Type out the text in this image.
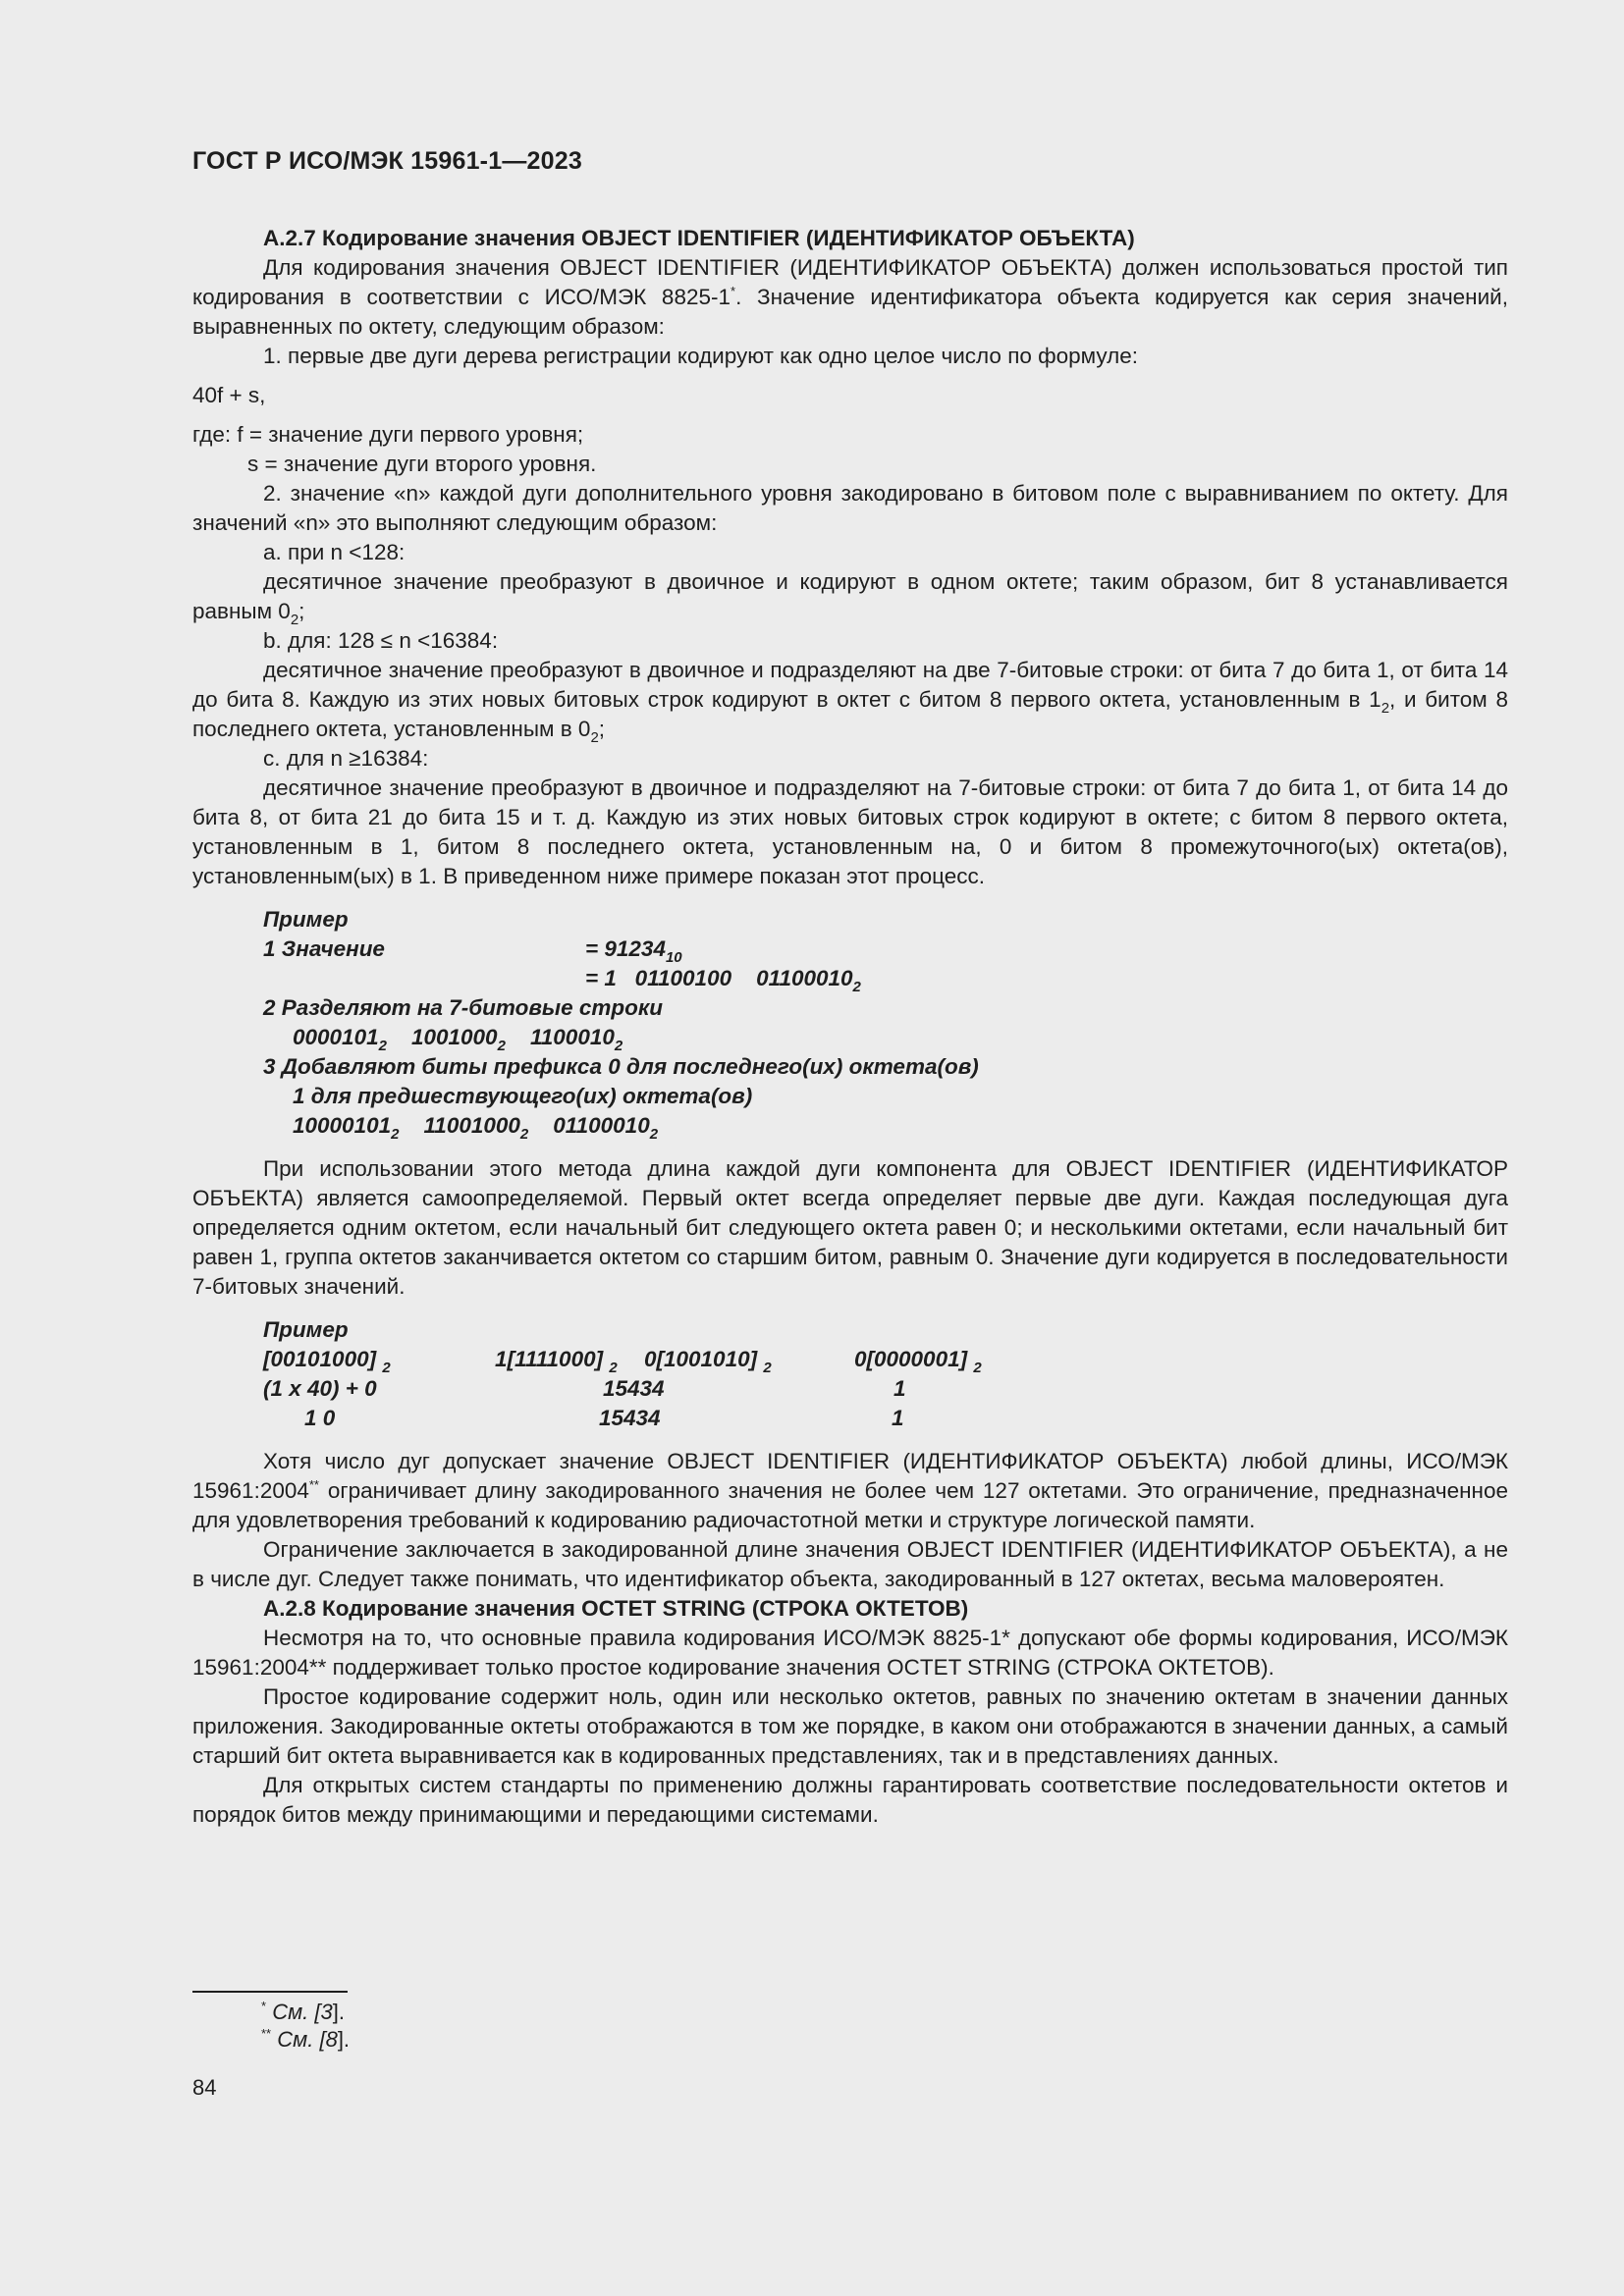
ГОСТ Р ИСО/МЭК 15961-1—2023

А.2.7 Кодирование значения OBJECT IDENTIFIER (ИДЕНТИФИКАТОР ОБЪЕКТА)

Для кодирования значения OBJECT IDENTIFIER (ИДЕНТИФИКАТОР ОБЪЕКТА) должен использоваться простой тип кодирования в соответствии с ИСО/МЭК 8825-1*. Значение идентификатора объекта кодируется как серия значений, выравненных по октету, следующим образом:

1. первые две дуги дерева регистрации кодируют как одно целое число по формуле:

40f + s,

где: f = значение дуги первого уровня;

s = значение дуги второго уровня.

2. значение «n» каждой дуги дополнительного уровня закодировано в битовом поле с выравниванием по октету. Для значений «n» это выполняют следующим образом:

a. при n <128:

десятичное значение преобразуют в двоичное и кодируют в одном октете; таким образом, бит 8 устанавливается равным $0_2$;

b. для: 128 ≤ n <16384:

десятичное значение преобразуют в двоичное и подразделяют на две 7-битовые строки: от бита 7 до бита 1, от бита 14 до бита 8. Каждую из этих новых битовых строк кодируют в октет с битом 8 первого октета, установленным в $1_2$, и битом 8 последнего октета, установленным в $0_2$;

c. для n ≥16384:

десятичное значение преобразуют в двоичное и подразделяют на 7-битовые строки: от бита 7 до бита 1, от бита 14 до бита 8, от бита 21 до бита 15 и т. д. Каждую из этих новых битовых строк кодируют в октете; с битом 8 первого октета, установленным в 1, битом 8 последнего октета, установленным на, 0 и битом 8 промежуточного(ых) октета(ов), установленным(ых) в 1. В приведенном ниже примере показан этот процесс.

Пример
1 Значение	= $91234_{10}$
= 1   01100100    $01100010_2$
2 Разделяют на 7-битовые строки
$0000101_2$ $1001000_2$ $1100010_2$
3 Добавляют биты префикса 0 для последнего(их) октета(ов)
1 для предшествующего(их) октета(ов)
$10000101_2$ $11001000_2$ $01100010_2$

При использовании этого метода длина каждой дуги компонента для OBJECT IDENTIFIER (ИДЕНТИФИКАТОР ОБЪЕКТА) является самоопределяемой. Первый октет всегда определяет первые две дуги. Каждая последующая дуга определяется одним октетом, если начальный бит следующего октета равен 0; и несколькими октетами, если начальный бит равен 1, группа октетов заканчивается октетом со старшим битом, равным 0. Значение дуги кодируется в последовательности 7-битовых значений.

Пример
[00101000] $_2$	1[1111000] $_2$ 0[1001010] $_2$	0[0000001] $_2$
(1 x 40) + 0	15434	1
1 0	15434	1

Хотя число дуг допускает значение OBJECT IDENTIFIER (ИДЕНТИФИКАТОР ОБЪЕКТА) любой длины, ИСО/МЭК 15961:2004** ограничивает длину закодированного значения не более чем 127 октетами. Это ограничение, предназначенное для удовлетворения требований к кодированию радиочастотной метки и структуре логической памяти.

Ограничение заключается в закодированной длине значения OBJECT IDENTIFIER (ИДЕНТИФИКАТОР ОБЪЕКТА), а не в числе дуг. Следует также понимать, что идентификатор объекта, закодированный в 127 октетах, весьма маловероятен.

А.2.8 Кодирование значения OCTET STRING (СТРОКА ОКТЕТОВ)

Несмотря на то, что основные правила кодирования ИСО/МЭК 8825-1* допускают обе формы кодирования, ИСО/МЭК 15961:2004** поддерживает только простое кодирование значения OCTET STRING (СТРОКА ОКТЕТОВ).

Простое кодирование содержит ноль, один или несколько октетов, равных по значению октетам в значении данных приложения. Закодированные октеты отображаются в том же порядке, в каком они отображаются в значении данных, а самый старший бит октета выравнивается как в кодированных представлениях, так и в представлениях данных.

Для открытых систем стандарты по применению должны гарантировать соответствие последовательности октетов и порядок битов между принимающими и передающими системами.

* См. [3].
** См. [8].
84
